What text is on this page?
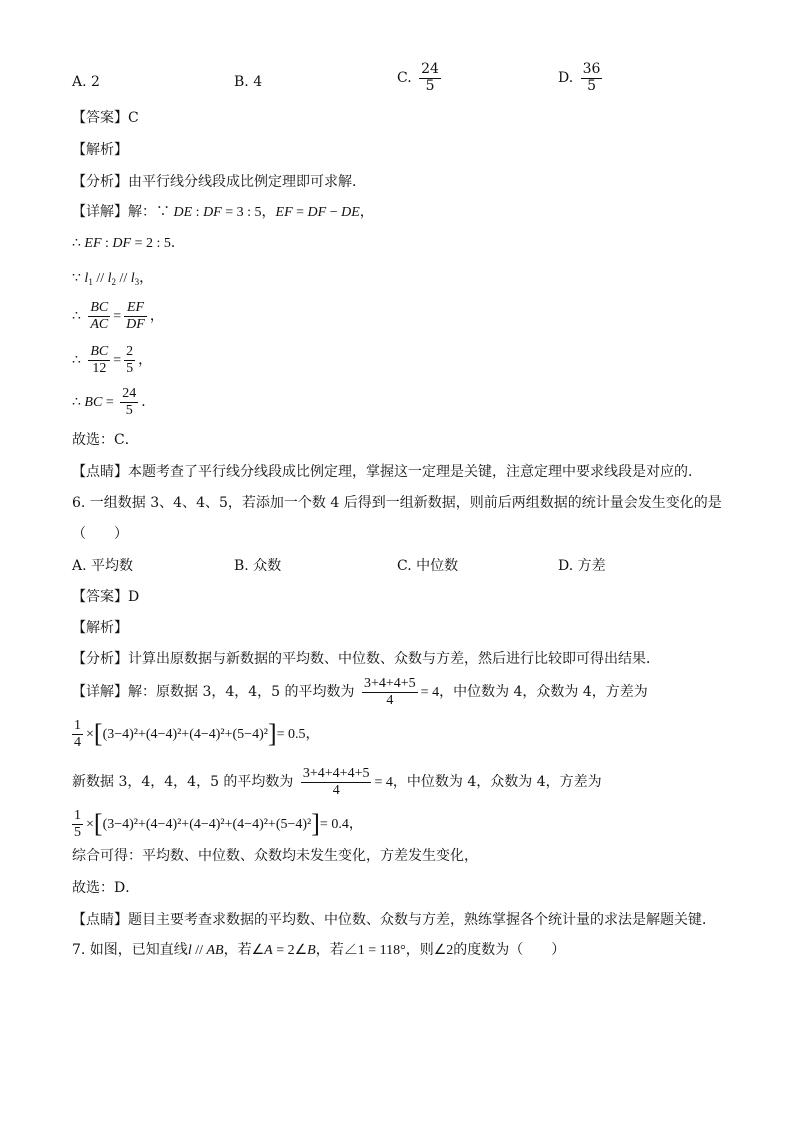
A. 2	B. 4	C. $\frac{24}{5}$	D. $\frac{36}{5}$
【答案】C
【解析】
【分析】由平行线分线段成比例定理即可求解．
【详解】解：∵ DE : DF = 3 : 5，EF = DF − DE，
∴ EF : DF = 2 : 5．
∵ $l_1 // l_2 // l_3$，
∴ $\frac{BC}{AC} = \frac{EF}{DF}$ ，
∴ $\frac{BC}{12} = \frac{2}{5}$ ，
∴ BC = $\frac{24}{5}$ ．
故选：C．
【点睛】本题考查了平行线分线段成比例定理，掌握这一定理是关键，注意定理中要求线段是对应的．
6. 一组数据 3、4、4、5，若添加一个数 4 后得到一组新数据，则前后两组数据的统计量会发生变化的是
（　　）
A. 平均数	B. 众数	C. 中位数	D. 方差
【答案】D
【解析】
【分析】计算出原数据与新数据的平均数、中位数、众数与方差，然后进行比较即可得出结果．
【详解】解：原数据 3，4，4，5 的平均数为 $\frac{3+4+4+5}{4} = 4$，中位数为 4，众数为 4，方差为
$\frac{1}{4} \times[(3-4)^2+(4-4)^2+(4-4)^2+(5-4)^2]= 0.5$，
新数据 3，4，4，4，5 的平均数为 $\frac{3+4+4+4+5}{4} = 4$，中位数为 4，众数为 4，方差为
$\frac{1}{5} \times[(3-4)^2+(4-4)^2+(4-4)^2+(4-4)^2+(5-4)^2]= 0.4$，
综合可得：平均数、中位数、众数均未发生变化，方差发生变化，
故选：D．
【点睛】题目主要考查求数据的平均数、中位数、众数与方差，熟练掌握各个统计量的求法是解题关键．
7. 如图，已知直线l // AB，若∠A = 2∠B，若∠1 = 118°，则∠2的度数为（　　）
